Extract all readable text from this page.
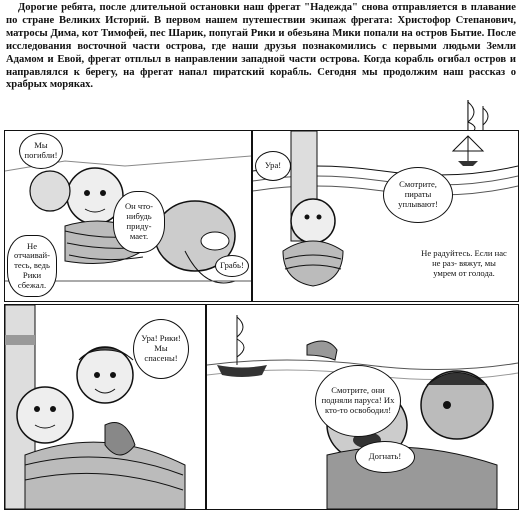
Дорогие ребята, после длительной остановки наш фрегат "Надежда" снова отправляется в плавание по стране Великих Историй. В первом нашем путешествии экипаж фрегата: Христофор Степанович, матросы Дима, кот Тимофей, пес Шарик, попугай Рики и обезьяна Мики попали на остров Бытие. После исследования восточной части острова, где наши друзья познакомились с первыми людьми Земли Адамом и Евой, фрегат отплыл в направлении западной части острова. Когда корабль огибал остров и направлялся к берегу, на фрегат напал пиратский корабль. Сегодня мы продолжим наш рассказ о храбрых моряках.
Мы погибли!
Не отчаивай- тесь, ведь Рики сбежал.
Он что- нибудь приду- мает.
Грабь!
Ура!
Смотрите, пираты уплывают!
Не радуйтесь. Если нас не раз- вяжут, мы умрем от голода.
Ура! Рики! Мы спасены!
Смотрите, они подняли паруса! Их кто-то освободил!
Догнать!
